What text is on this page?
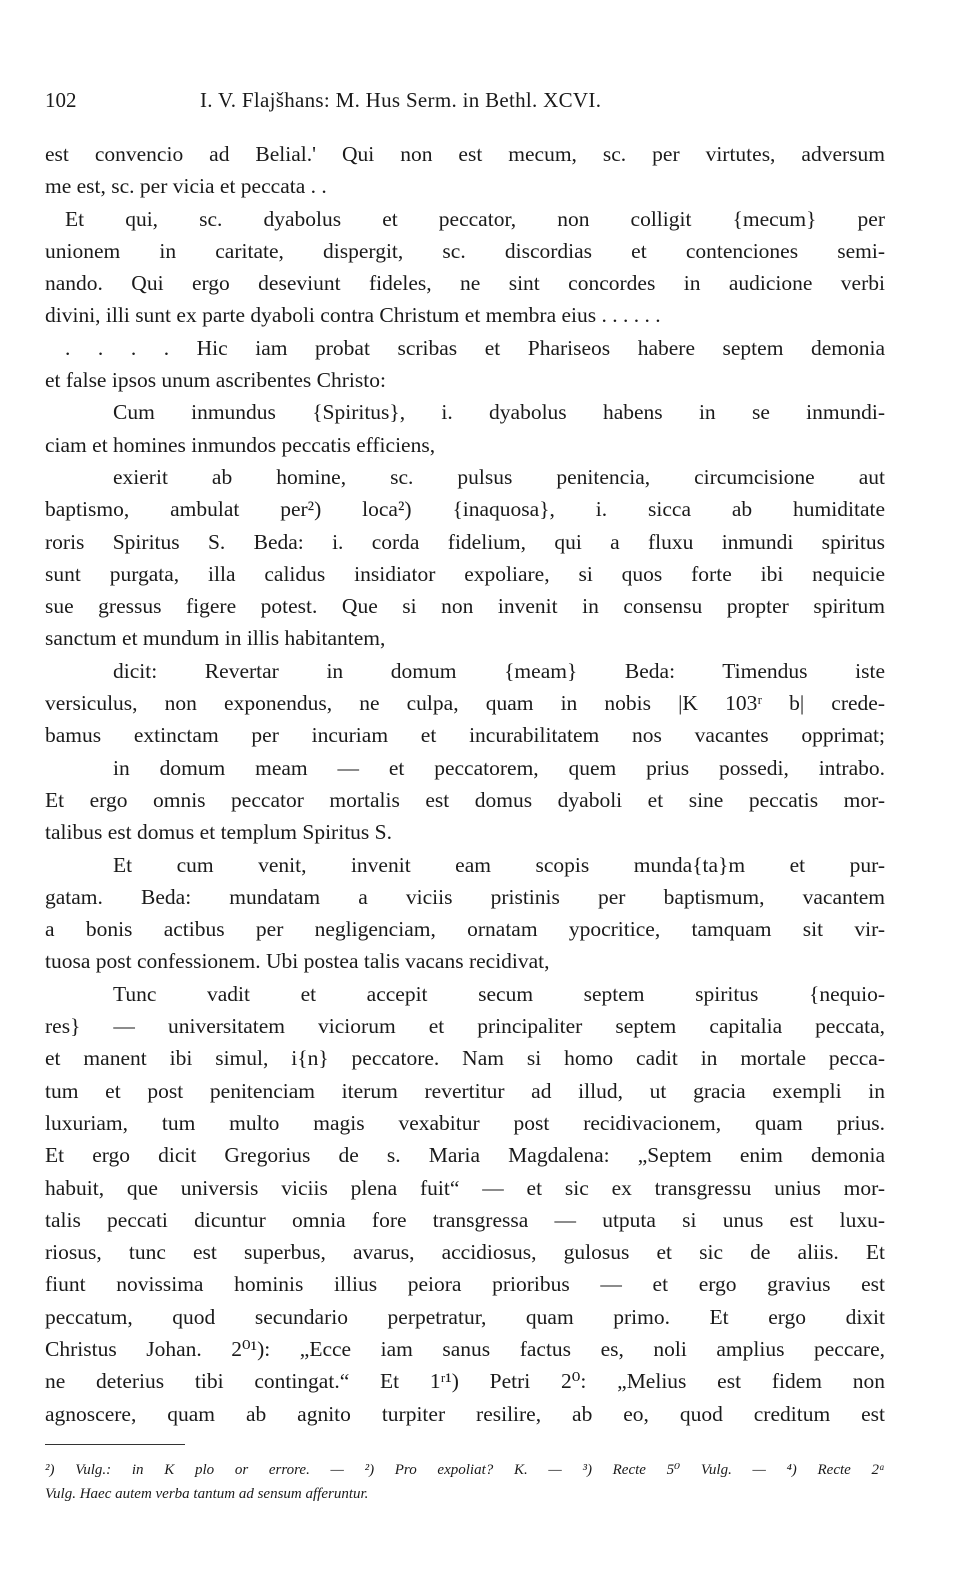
102	I. V. Flajšhans: M. Hus Serm. in Bethl. XCVI.
est convencio ad Belial.' Qui non est mecum, sc. per virtutes, adversum
me est, sc. per vicia et peccata . .
Et qui, sc. dyabolus et peccator, non colligit {mecum} per
unionem in caritate, dispergit, sc. discordias et contenciones semi-
nando. Qui ergo deseviunt fideles, ne sint concordes in audicione verbi
divini, illi sunt ex parte dyaboli contra Christum et membra eius . . . . . .
. . . . Hic iam probat scribas et Phariseos habere septem demonia
et false ipsos unum ascribentes Christo:
Cum inmundus {Spiritus}, i. dyabolus habens in se inmundi-
ciam et homines inmundos peccatis efficiens,
exierit ab homine, sc. pulsus penitencia, circumcisione aut
baptismo, ambulat per²) loca²) {inaquosa}, i. sicca ab humiditate
roris Spiritus S. Beda: i. corda fidelium, qui a fluxu inmundi spiritus
sunt purgata, illa calidus insidiator expoliare, si quos forte ibi nequicie
sue gressus figere potest. Que si non invenit in consensu propter spiritum
sanctum et mundum in illis habitantem,
dicit: Revertar in domum {meam} Beda: Timendus iste
versiculus, non exponendus, ne culpa, quam in nobis |K 103ʳ b| crede-
bamus extinctam per incuriam et incurabilitatem nos vacantes opprimat;
in domum meam — et peccatorem, quem prius possedi, intrabo.
Et ergo omnis peccator mortalis est domus dyaboli et sine peccatis mor-
talibus est domus et templum Spiritus S.
Et cum venit, invenit eam scopis munda{ta}m et pur-
gatam. Beda: mundatam a viciis pristinis per baptismum, vacantem
a bonis actibus per negligenciam, ornatam ypocritice, tamquam sit vir-
tuosa post confessionem. Ubi postea talis vacans recidivat,
Tunc vadit et accepit secum septem spiritus {nequio-
res} — universitatem viciorum et principaliter septem capitalia peccata,
et manent ibi simul, i{n} peccatore. Nam si homo cadit in mortale pecca-
tum et post penitenciam iterum revertitur ad illud, ut gracia exempli in
luxuriam, tum multo magis vexabitur post recidivacionem, quam prius.
Et ergo dicit Gregorius de s. Maria Magdalena: „Septem enim demonia
habuit, que universis viciis plena fuit“ — et sic ex transgressu unius mor-
talis peccati dicuntur omnia fore transgressa — utputa si unus est luxu-
riosus, tunc est superbus, avarus, accidiosus, gulosus et sic de aliis. Et
fiunt novissima hominis illius peiora prioribus — et ergo gravius est
peccatum, quod secundario perpetratur, quam primo. Et ergo dixit
Christus Johan. 2⁰¹): „Ecce iam sanus factus es, noli amplius peccare,
ne deterius tibi contingat.“ Et 1ʳ¹) Petri 2⁰: „Melius est fidem non
agnoscere, quam ab agnito turpiter resilire, ab eo, quod creditum est
²) Vulg.: in K plo or errore. — ²) Pro expoliat? K. — ³) Recte 5⁰ Vulg. — ⁴) Recte 2ᵃ
Vulg. Haec autem verba tantum ad sensum afferuntur.
